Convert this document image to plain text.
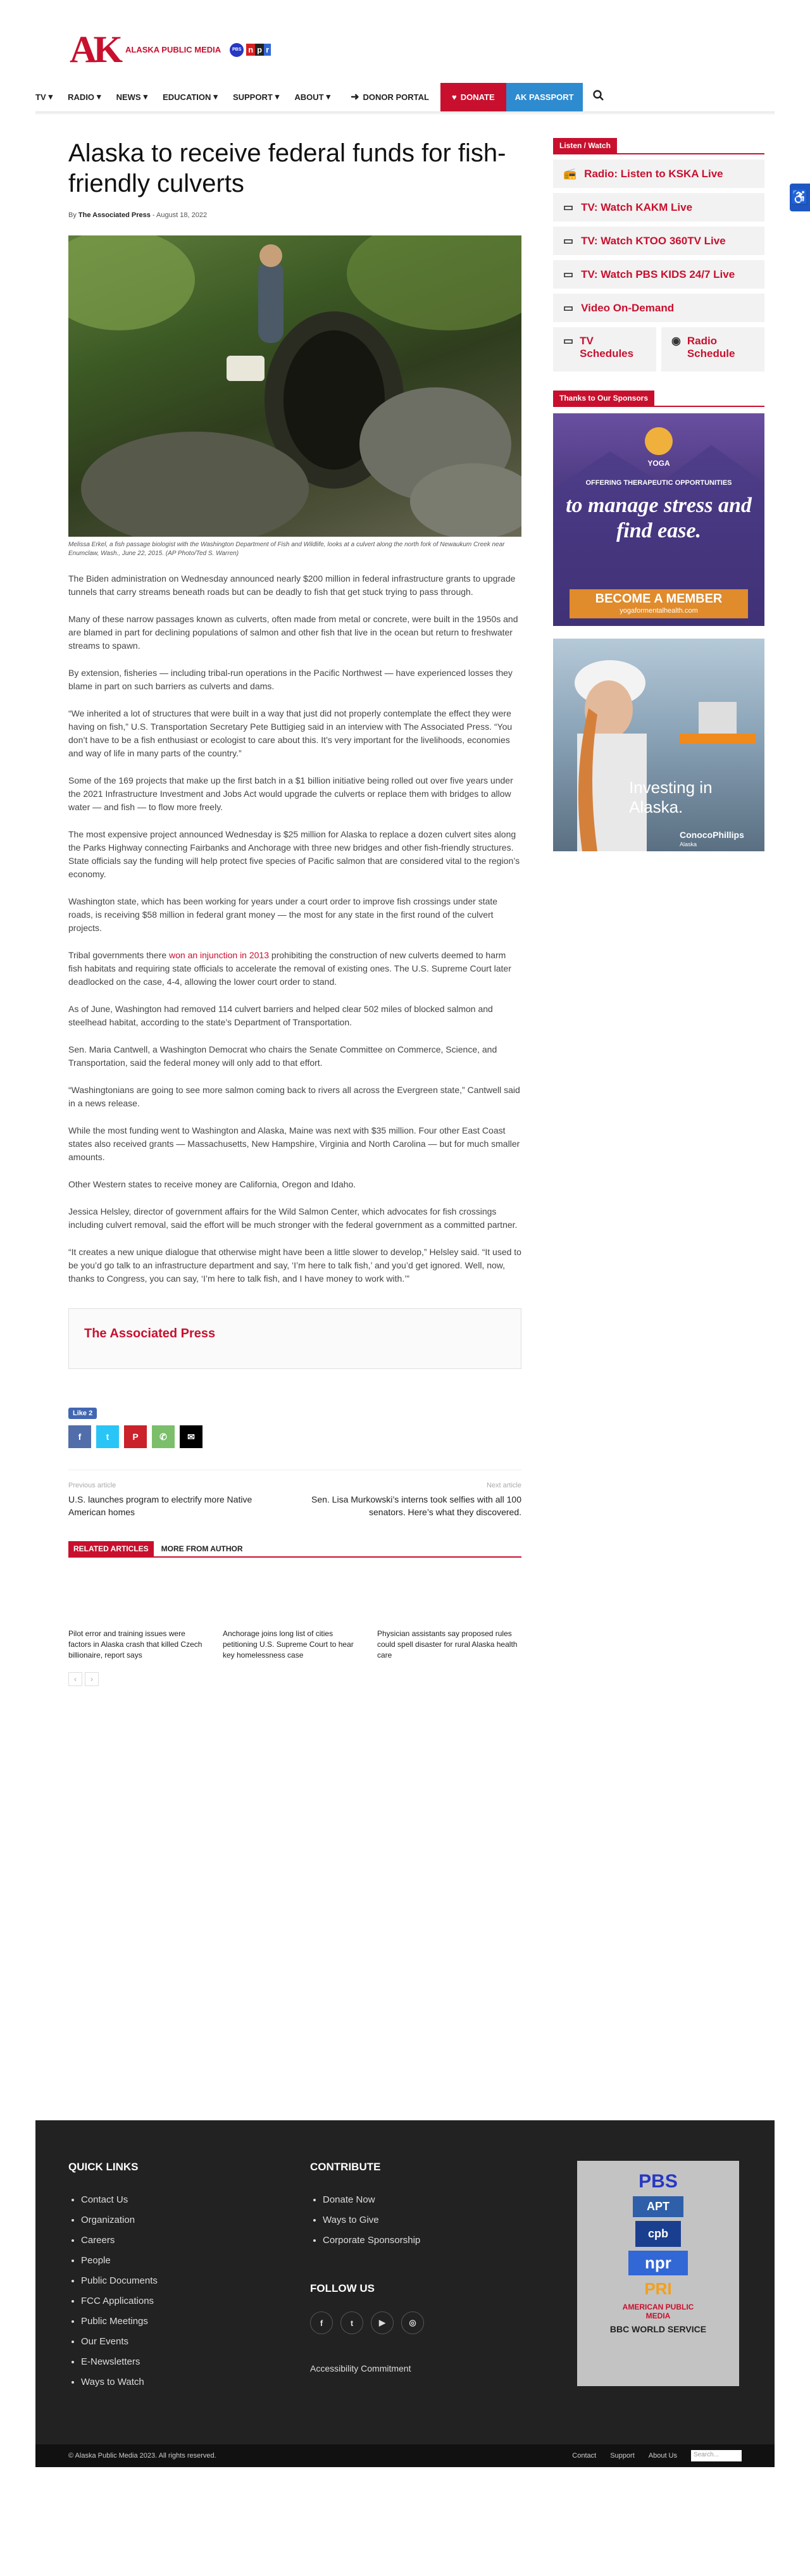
AK ALASKA PUBLIC MEDIA	PBS n p r
TV ▾ RADIO ▾ NEWS ▾ EDUCATION ▾ SUPPORT ▾ ABOUT ▾ ➜ DONOR PORTAL	♥ DONATE	AK PASSPORT
♿
Alaska to receive federal funds for fish-friendly culverts
By The Associated Press - August 18, 2022
Melissa Erkel, a fish passage biologist with the Washington Department of Fish and Wildlife, looks at a culvert along the north fork of Newaukum Creek near Enumclaw, Wash., June 22, 2015. (AP Photo/Ted S. Warren)

The Biden administration on Wednesday announced nearly $200 million in federal infrastructure grants to upgrade tunnels that carry streams beneath roads but can be deadly to fish that get stuck trying to pass through.

Many of these narrow passages known as culverts, often made from metal or concrete, were built in the 1950s and are blamed in part for declining populations of salmon and other fish that live in the ocean but return to freshwater streams to spawn.

By extension, fisheries — including tribal-run operations in the Pacific Northwest — have experienced losses they blame in part on such barriers as culverts and dams.

“We inherited a lot of structures that were built in a way that just did not properly contemplate the effect they were having on fish,” U.S. Transportation Secretary Pete Buttigieg said in an interview with The Associated Press. “You don’t have to be a fish enthusiast or ecologist to care about this. It’s very important for the livelihoods, economies and way of life in many parts of the country.”

Some of the 169 projects that make up the first batch in a $1 billion initiative being rolled out over five years under the 2021 Infrastructure Investment and Jobs Act would upgrade the culverts or replace them with bridges to allow water — and fish — to flow more freely.

The most expensive project announced Wednesday is $25 million for Alaska to replace a dozen culvert sites along the Parks Highway connecting Fairbanks and Anchorage with three new bridges and other fish-friendly structures. State officials say the funding will help protect five species of Pacific salmon that are considered vital to the region’s economy.

Washington state, which has been working for years under a court order to improve fish crossings under state roads, is receiving $58 million in federal grant money — the most for any state in the first round of the culvert projects.

Tribal governments there won an injunction in 2013 prohibiting the construction of new culverts deemed to harm fish habitats and requiring state officials to accelerate the removal of existing ones. The U.S. Supreme Court later deadlocked on the case, 4-4, allowing the lower court order to stand.

As of June, Washington had removed 114 culvert barriers and helped clear 502 miles of blocked salmon and steelhead habitat, according to the state’s Department of Transportation.

Sen. Maria Cantwell, a Washington Democrat who chairs the Senate Committee on Commerce, Science, and Transportation, said the federal money will only add to that effort.

“Washingtonians are going to see more salmon coming back to rivers all across the Evergreen state,” Cantwell said in a news release.

While the most funding went to Washington and Alaska, Maine was next with $35 million. Four other East Coast states also received grants — Massachusetts, New Hampshire, Virginia and North Carolina — but for much smaller amounts.

Other Western states to receive money are California, Oregon and Idaho.

Jessica Helsley, director of government affairs for the Wild Salmon Center, which advocates for fish crossings including culvert removal, said the effort will be much stronger with the federal government as a committed partner.

“It creates a new unique dialogue that otherwise might have been a little slower to develop,” Helsley said. “It used to be you’d go talk to an infrastructure department and say, ‘I’m here to talk fish,’ and you’d get ignored. Well, now, thanks to Congress, you can say, ‘I’m here to talk fish, and I have money to work with.’”

The Associated Press
Like 2
f	t	P	✆	✉
Previous article
U.S. launches program to electrify more Native American homes
Next article
Sen. Lisa Murkowski’s interns took selfies with all 100 senators. Here’s what they discovered.
RELATED ARTICLES	MORE FROM AUTHOR
Pilot error and training issues were factors in Alaska crash that killed Czech billionaire, report says
Anchorage joins long list of cities petitioning U.S. Supreme Court to hear key homelessness case
Physician assistants say proposed rules could spell disaster for rural Alaska health care
‹	›
Listen / Watch
📻 Radio: Listen to KSKA Live
▭ TV: Watch KAKM Live
▭ TV: Watch KTOO 360TV Live
▭ TV: Watch PBS KIDS 24/7 Live
▭ Video On-Demand
▭ TV Schedules
◉ Radio Schedule
Thanks to Our Sponsors
YOGA
OFFERING THERAPEUTIC OPPORTUNITIES
to manage stress and find ease.
BECOME A MEMBER
yogaformentalhealth.com
Investing in Alaska.
ConocoPhillips
Alaska
QUICK LINKS
• Contact Us
• Organization
• Careers
• People
• Public Documents
• FCC Applications
• Public Meetings
• Our Events
• E-Newsletters
• Ways to Watch
CONTRIBUTE
• Donate Now
• Ways to Give
• Corporate Sponsorship
FOLLOW US
f	t	▶	◎
Accessibility Commitment
PBS
APT
cpb
npr
PRI
AMERICAN PUBLIC MEDIA
BBC WORLD SERVICE
© Alaska Public Media 2023. All rights reserved.	Contact Support About Us	Search...
